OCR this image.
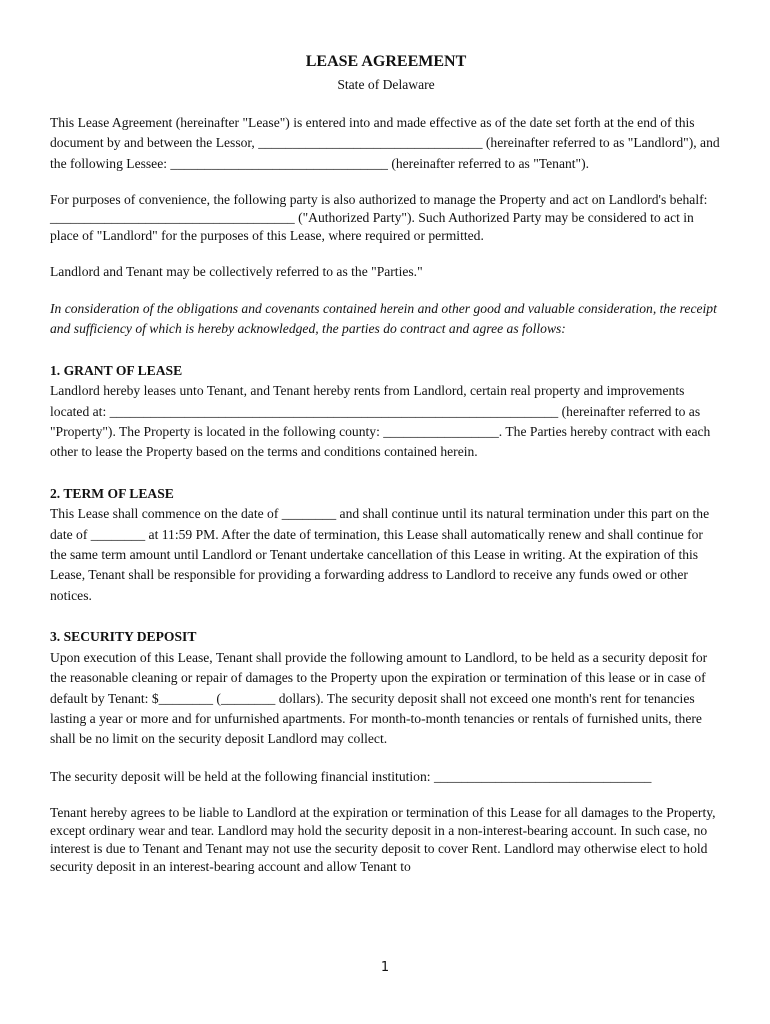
LEASE AGREEMENT

State of Delaware

This Lease Agreement (hereinafter "Lease") is entered into and made effective as of the date set forth at the end of this document by and between the Lessor, _________________________________ (hereinafter referred to as "Landlord"), and the following Lessee: ________________________________ (hereinafter referred to as "Tenant").

For purposes of convenience, the following party is also authorized to manage the Property and act on Landlord's behalf: ____________________________________ ("Authorized Party"). Such Authorized Party may be considered to act in place of "Landlord" for the purposes of this Lease, where required or permitted.

Landlord and Tenant may be collectively referred to as the "Parties."

In consideration of the obligations and covenants contained herein and other good and valuable consideration, the receipt and sufficiency of which is hereby acknowledged, the parties do contract and agree as follows:

1. GRANT OF LEASE

Landlord hereby leases unto Tenant, and Tenant hereby rents from Landlord, certain real property and improvements located at: __________________________________________________________________ (hereinafter referred to as "Property"). The Property is located in the following county: _________________. The Parties hereby contract with each other to lease the Property based on the terms and conditions contained herein.

2. TERM OF LEASE

This Lease shall commence on the date of ________ and shall continue until its natural termination under this part on the date of ________ at 11:59 PM. After the date of termination, this Lease shall automatically renew and shall continue for the same term amount until Landlord or Tenant undertake cancellation of this Lease in writing. At the expiration of this Lease, Tenant shall be responsible for providing a forwarding address to Landlord to receive any funds owed or other notices.

3. SECURITY DEPOSIT

Upon execution of this Lease, Tenant shall provide the following amount to Landlord, to be held as a security deposit for the reasonable cleaning or repair of damages to the Property upon the expiration or termination of this lease or in case of default by Tenant: $________ (________ dollars). The security deposit shall not exceed one month's rent for tenancies lasting a year or more and for unfurnished apartments. For month-to-month tenancies or rentals of furnished units, there shall be no limit on the security deposit Landlord may collect.

The security deposit will be held at the following financial institution: ________________________________

Tenant hereby agrees to be liable to Landlord at the expiration or termination of this Lease for all damages to the Property, except ordinary wear and tear. Landlord may hold the security deposit in a non-interest-bearing account. In such case, no interest is due to Tenant and Tenant may not use the security deposit to cover Rent. Landlord may otherwise elect to hold security deposit in an interest-bearing account and allow Tenant to

1
